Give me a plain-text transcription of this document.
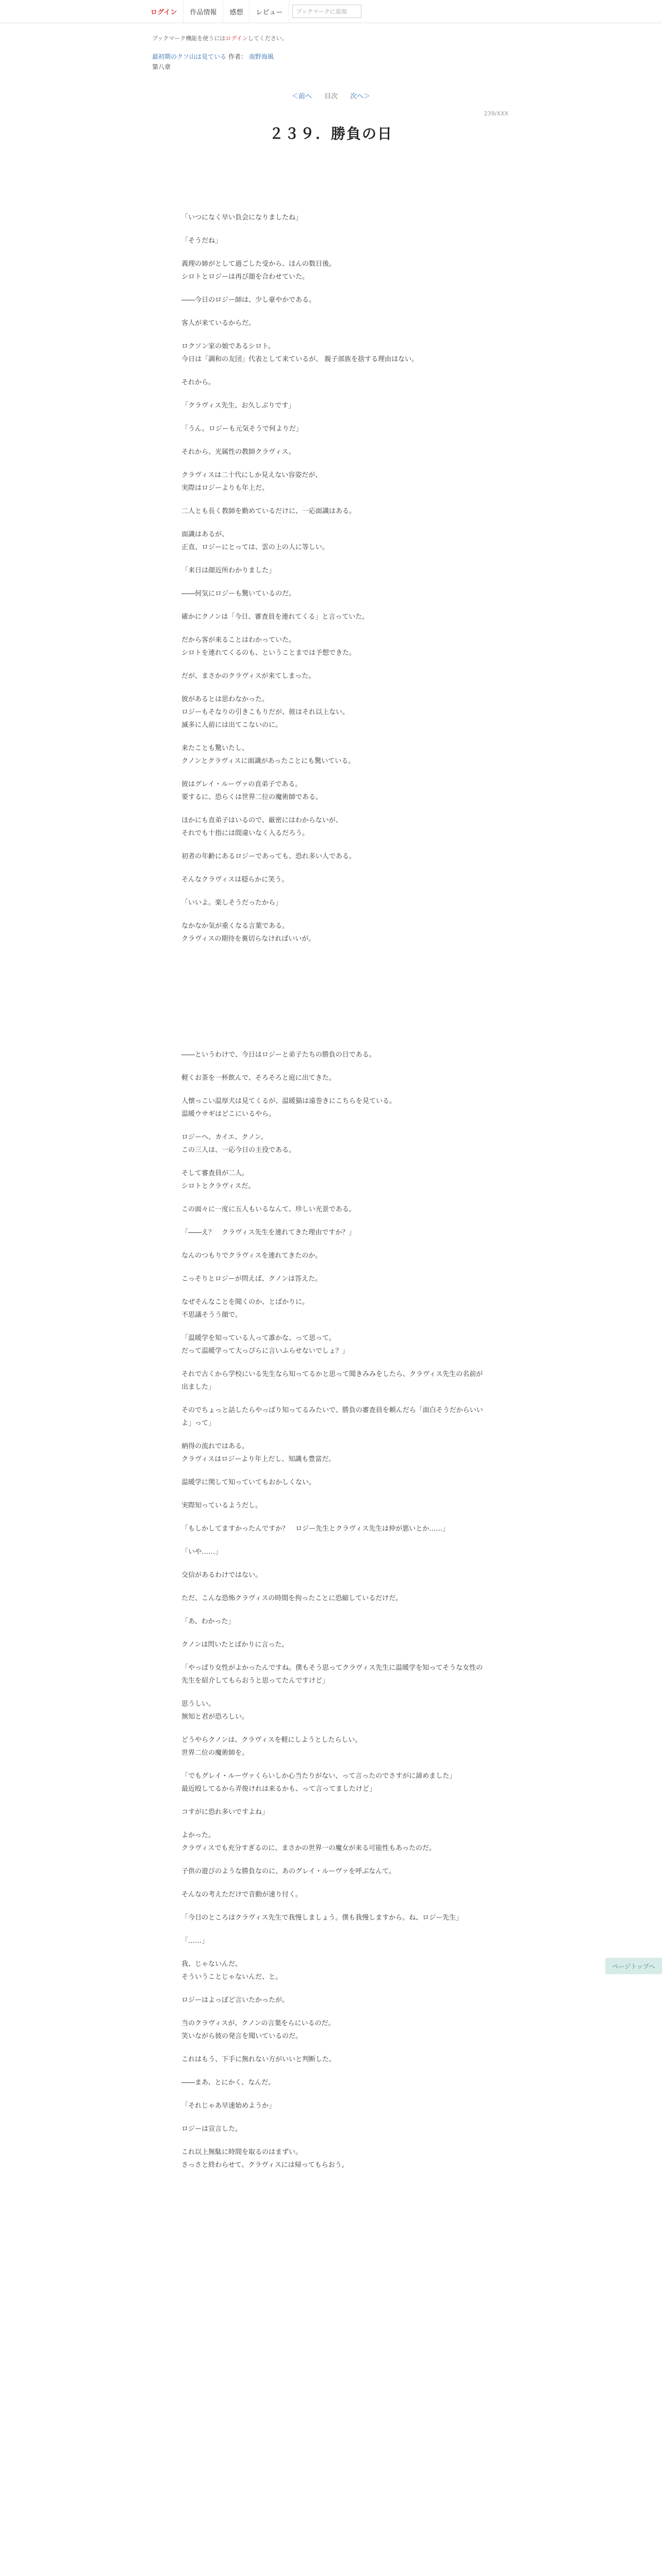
ログイン	作品情報	感想	レビュー	ブックマークに追加
ブックマーク機能を使うにはログインしてください。
最初期のクソ山は見ている 作者： 南野海風
第八章
＜前へ 目次 次へ＞
239/XXX
２３９．勝負の日

「いつになく早い負会になりましたね」

「そうだね」

義理の姉がとして過ごした受から、ほんの数日後。
シロトとロジーは再び顔を合わせていた。

――今日のロジー師は、少し豪やかである。

客人が来ているからだ。

ロクソン家の娘であるシロト。
今日は「調和の友団」代表として来ているが、 親子部族を捨する理由はない。

それから。

「クラヴィス先生、お久しぶりです」

「うん。ロジーも元気そうで何よりだ」

それから、光属性の教師クラヴィス。

クラヴィスは二十代にしか見えない容姿だが、
実際はロジーよりも年上だ。

二人とも長く教師を勤めているだけに、一応面識はある。

面識はあるが、
正直、ロジーにとっては、雲の上の人に等しい。

「来日は顔近所わかりました」

――何気にロジーも驚いているのだ。

確かにクノンは「今日、審査員を連れてくる」と言っていた。

だから客が来ることはわかっていた。
シロトを連れてくるのも、ということまでは予想できた。

だが、まさかのクラヴィスが来てしまった。

彼があるとは思わなかった。
ロジーもそなりの引きこもりだが、彼はそれ以上ない。
滅多に人前には出てこないのに。

来たことも驚いたし、
クノンとクラヴィスに面識があったことにも驚いている。

彼はグレイ・ルーヴァの直弟子である。
要するに、恐らくは世界二位の魔術師である。

ほかにも直弟子はいるので、厳密にはわからないが、
それでも十指には間違いなく入るだろう。

初者の年齢にあるロジーであっても、恐れ多い人である。

そんなクラヴィスは穏らかに笑う。

「いいよ。楽しそうだったから」

なかなか気が重くなる言葉である。
クラヴィスの期待を裏切らなければいいが。

――というわけで、今日はロジーと弟子たちの勝負の日である。

軽くお茶を一杯飲んで、そろそろと庭に出てきた。

人懐っこい温厚犬は見てくるが、温暖猫は遠巻きにこちらを見ている。
温暖ウサギはどこにいるやら。

ロジーへ、カイエ、クノン。
この三人は、一応今日の主役である。

そして審査員が二人。
シロトとクラヴィスだ。

この面々に一度に五人もいるなんて、珍しい光景である。

「――え？　クラヴィス先生を連れてきた理由ですか？」

なんのつもりでクラヴィスを連れてきたのか。

こっそりとロジーが問えば、クノンは答えた。

なぜそんなことを聞くのか、とばかりに。
不思議そうう顔で。

「温暖学を知っている人って誰かな、って思って。
だって温暖学って大っぴらに言いふらせないでしょ？」

それで古くから学校にいる先生なら知ってるかと思って聞きみみをしたら、クラヴィス先生の名前が出ました」

そのでちょっと話したらやっぱり知ってるみたいで、勝負の審査員を頼んだら「面白そうだからいいよ」って」

納得の流れではある。
クラヴィスはロジーより年上だし、知識も豊富だ。

温暖学に関して知っていてもおかしくない。

実際知っているようだし。

「もしかしてますかったんですか？　ロジー先生とクラヴィス先生は仲が悪いとか……」

「いや……」

交信があるわけではない。

ただ、こんな恐怖クラヴィスの時間を拘ったことに恐縮しているだけだ。

「あ、わかった」

クノンは閃いたとばかりに言った。

「やっぱり女性がよかったんですね。僕もそう思ってクラヴィス先生に温暖学を知ってそうな女性の先生を紹介してもらおうと思ってたんですけど」

思うしい。
無知と君が恐ろしい。

どうやらクノンは、クラヴィスを軽にしようとしたらしい。
世界二位の魔術師を。

「でもグレイ・ルーヴァくらいしか心当たりがない、って言ったのでさすがに諦めました」
最近殴してるから弄俊けれは来るかも、って言ってましたけど」

コすがに恐れ多いですよね」

よかった。
クラヴィスでも充分すぎるのに、まさかの世界一の魔女が来る可能性もあったのだ。

子供の遊びのような勝負なのに、あのグレイ・ルーヴァを呼ぶなんて。

そんなの考えただけで音動が速り付く。

「今日のところはクラヴィス先生で我慢しましょう。僕も我慢しますから。ね、ロジー先生」

「……」

我、じゃないんだ。
そういうことじゃないんだ、と。

ロジーはよっぽど言いたかったが。

当のクラヴィスが、クノンの言葉をらにいるのだ。
笑いながら彼の発言を聞いているのだ。

これはもう、下手に無れない方がいいと判断した。

――まあ、とにかく、なんだ。

「それじゃあ早速始めようか」

ロジーは宣言した。

これ以上無駄に時間を取るのはまずい。
さっさと終わらせて、クラヴィスには帰ってもらおう。

ページトップへ
